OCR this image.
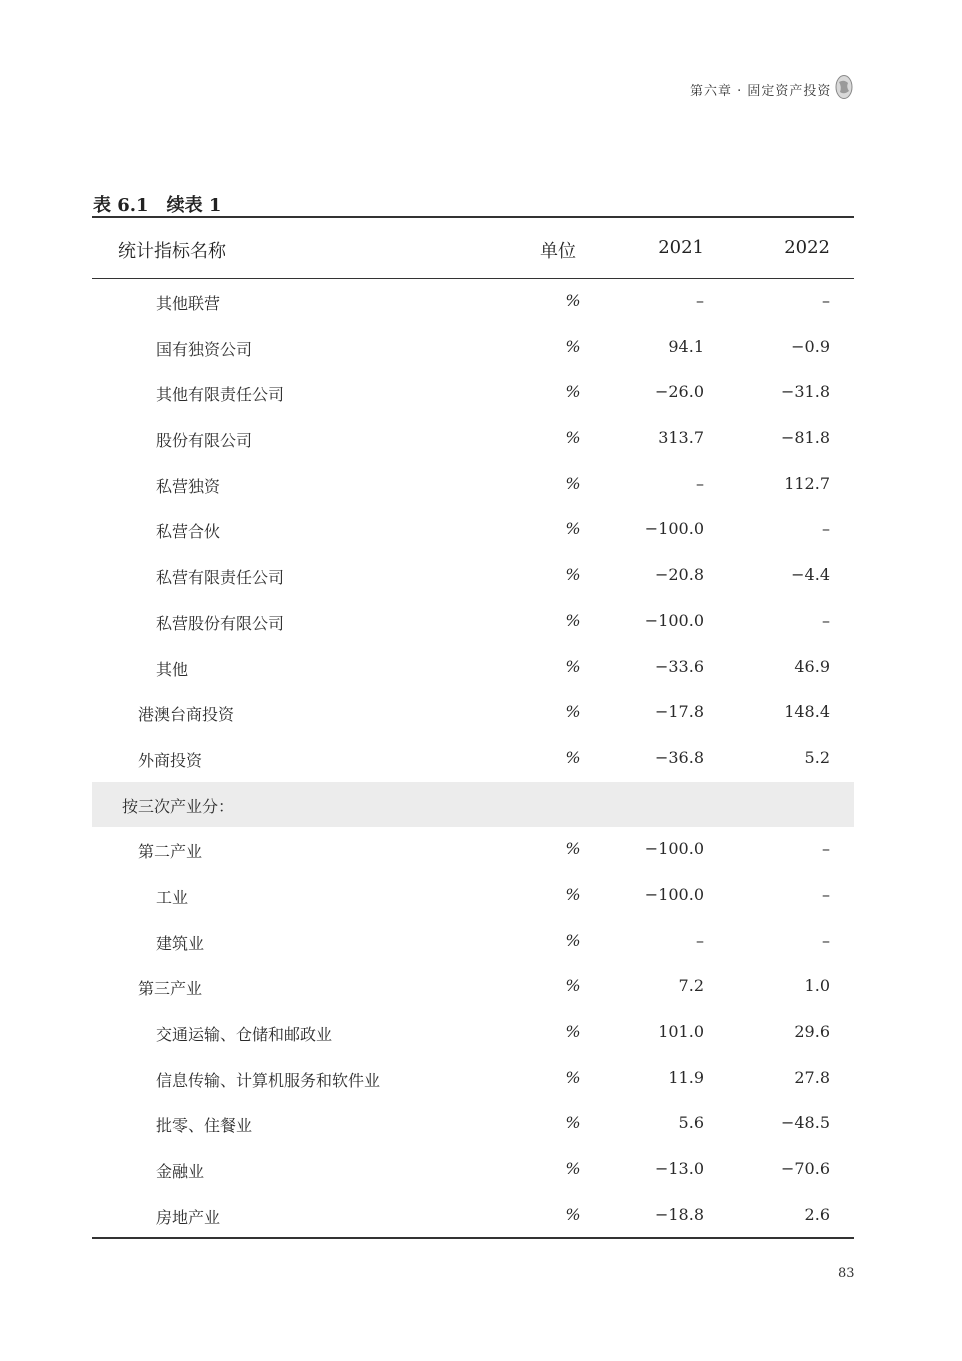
第六章 · 固定资产投资
表 6.1 续表 1
统计指标名称	单位	2021	2022
其他联营	%	–	–
国有独资公司	%	94.1	−0.9
其他有限责任公司	%	−26.0	−31.8
股份有限公司	%	313.7	−81.8
私营独资	%	–	112.7
私营合伙	%	−100.0	–
私营有限责任公司	%	−20.8	−4.4
私营股份有限公司	%	−100.0	–
其他	%	−33.6	46.9
港澳台商投资	%	−17.8	148.4
外商投资	%	−36.8	5.2
按三次产业分：
第二产业	%	−100.0	–
工业	%	−100.0	–
建筑业	%	–	–
第三产业	%	7.2	1.0
交通运输、仓储和邮政业	%	101.0	29.6
信息传输、计算机服务和软件业	%	11.9	27.8
批零、住餐业	%	5.6	−48.5
金融业	%	−13.0	−70.6
房地产业	%	−18.8	2.6
83
